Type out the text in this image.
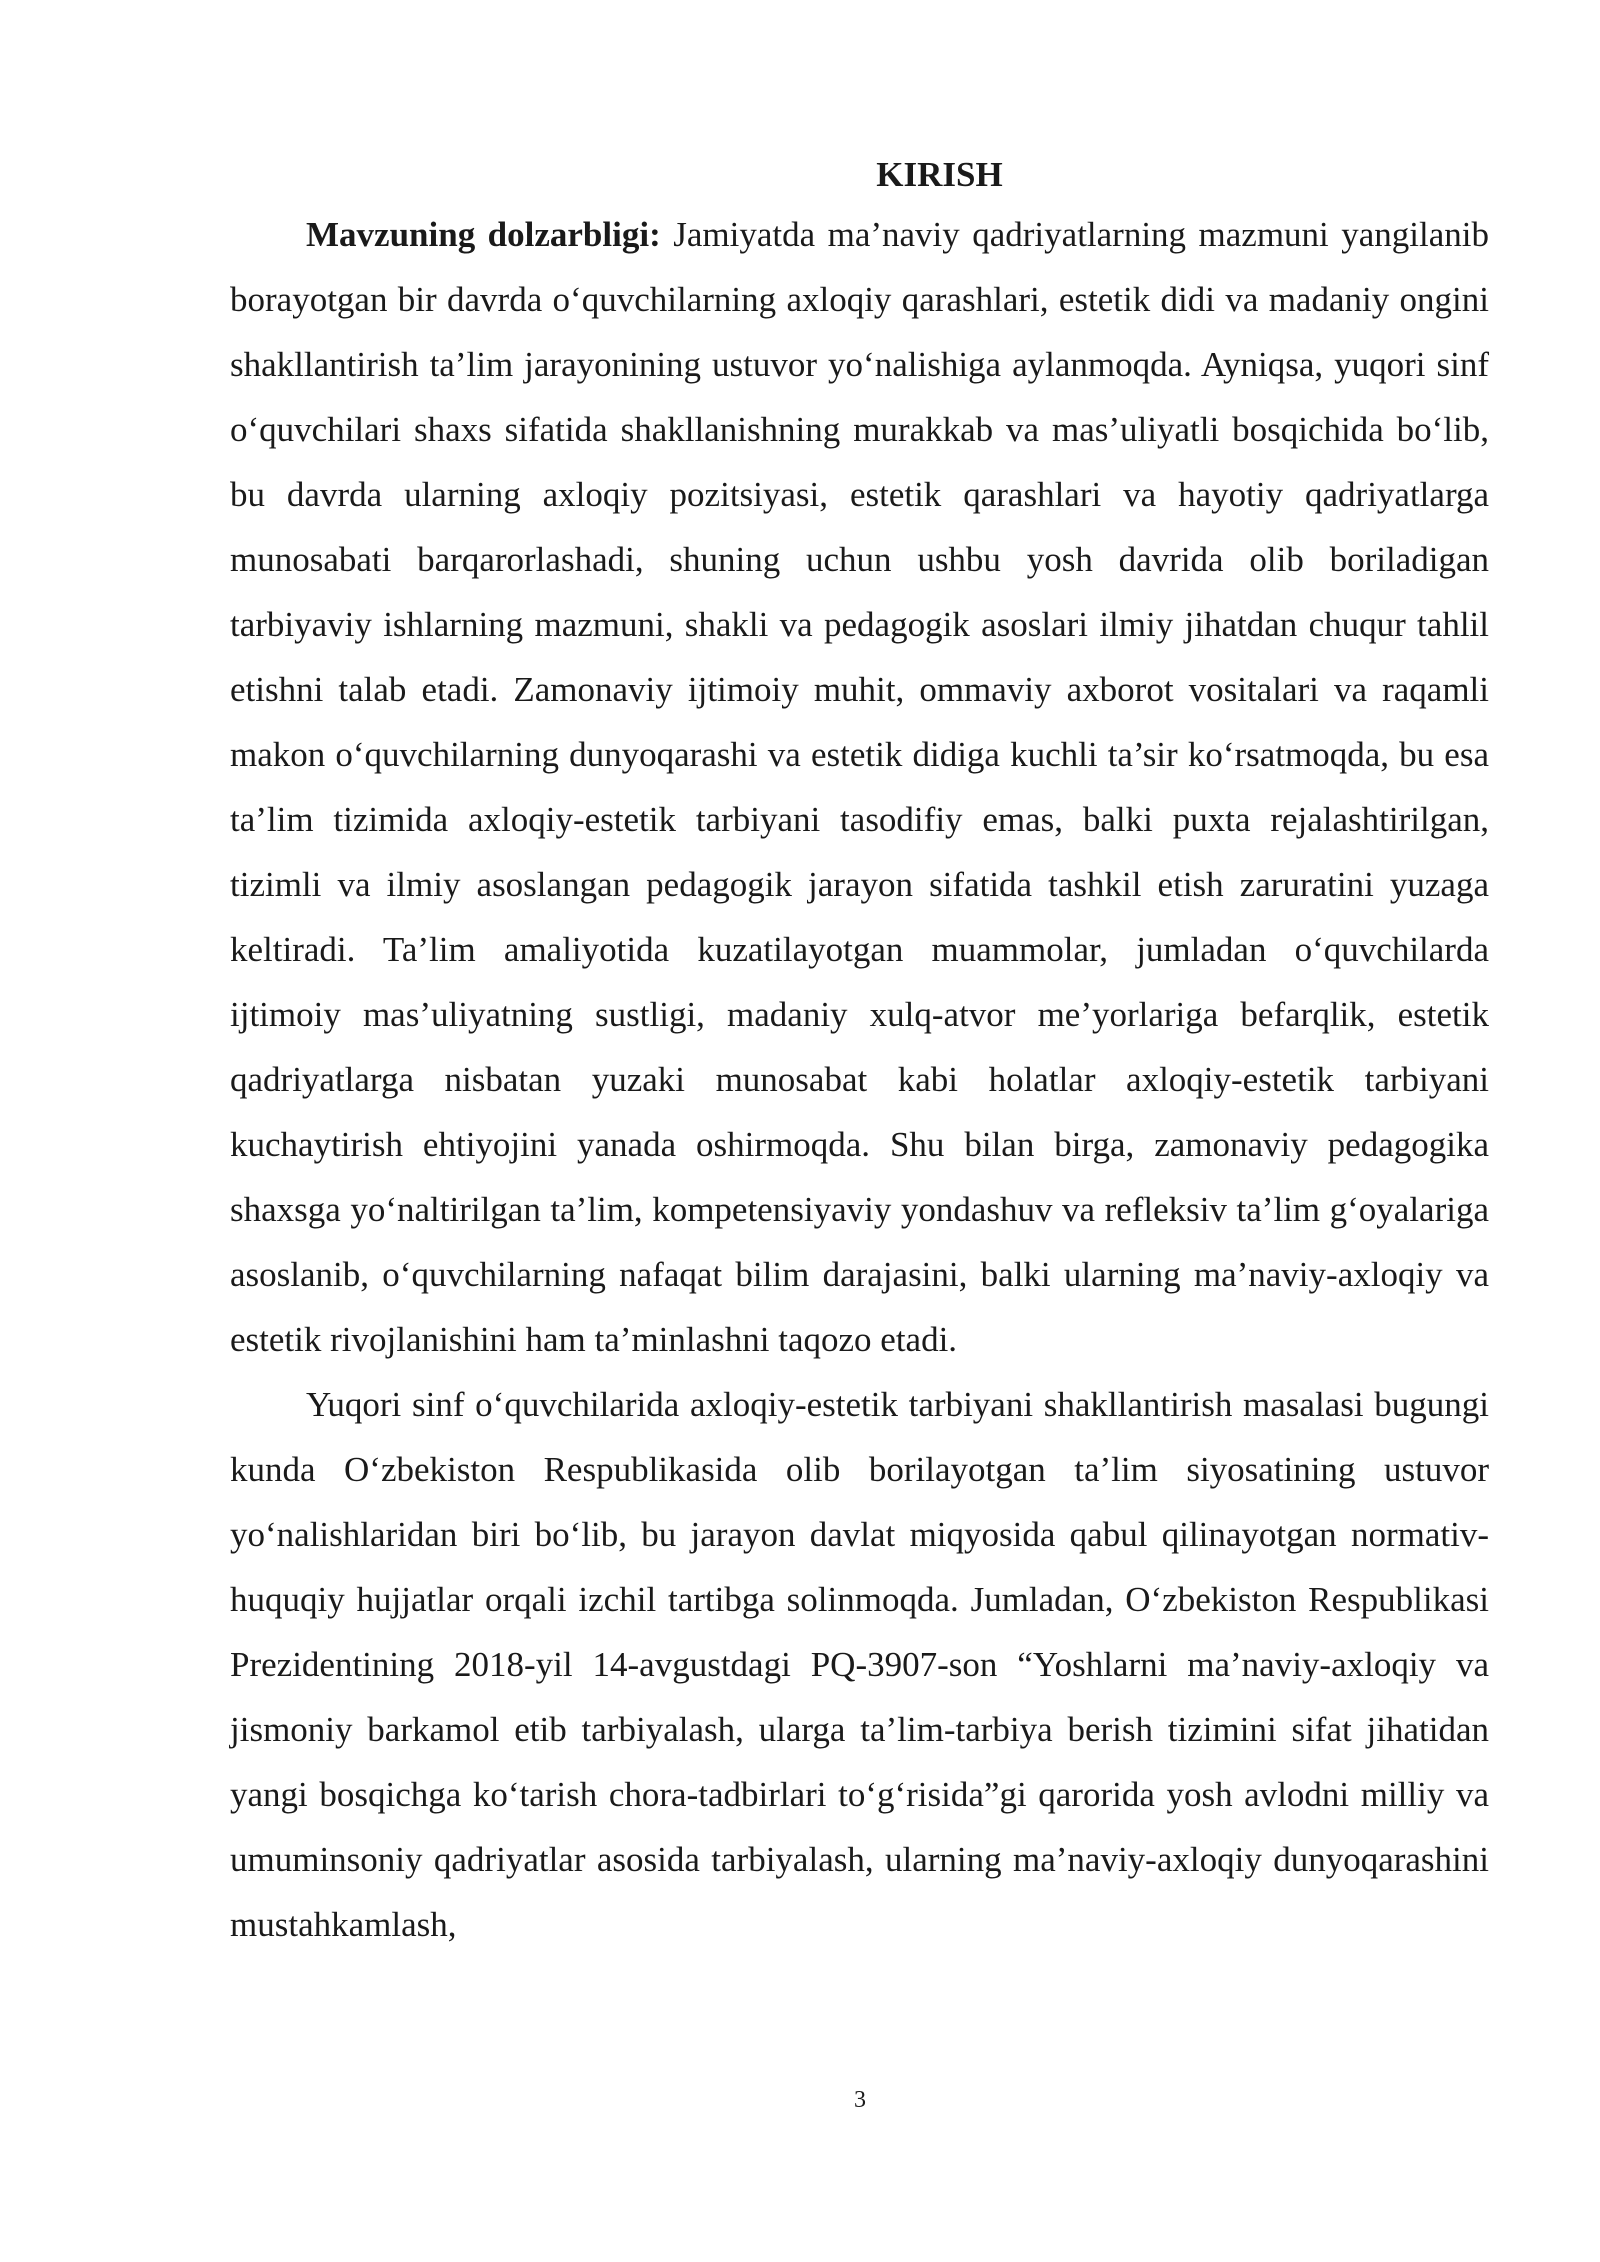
KIRISH

Mavzuning dolzarbligi: Jamiyatda ma’naviy qadriyatlarning mazmuni yangilanib borayotgan bir davrda o‘quvchilarning axloqiy qarashlari, estetik didi va madaniy ongini shakllantirish ta’lim jarayonining ustuvor yo‘nalishiga aylanmoqda. Ayniqsa, yuqori sinf o‘quvchilari shaxs sifatida shakllanishning murakkab va mas’uliyatli bosqichida bo‘lib, bu davrda ularning axloqiy pozitsiyasi, estetik qarashlari va hayotiy qadriyatlarga munosabati barqarorlashadi, shuning uchun ushbu yosh davrida olib boriladigan tarbiyaviy ishlarning mazmuni, shakli va pedagogik asoslari ilmiy jihatdan chuqur tahlil etishni talab etadi. Zamonaviy ijtimoiy muhit, ommaviy axborot vositalari va raqamli makon o‘quvchilarning dunyoqarashi va estetik didiga kuchli ta’sir ko‘rsatmoqda, bu esa ta’lim tizimida axloqiy-estetik tarbiyani tasodifiy emas, balki puxta rejalashtirilgan, tizimli va ilmiy asoslangan pedagogik jarayon sifatida tashkil etish zaruratini yuzaga keltiradi. Ta’lim amaliyotida kuzatilayotgan muammolar, jumladan o‘quvchilarda ijtimoiy mas’uliyatning sustligi, madaniy xulq-atvor me’yorlariga befarqlik, estetik qadriyatlarga nisbatan yuzaki munosabat kabi holatlar axloqiy-estetik tarbiyani kuchaytirish ehtiyojini yanada oshirmoqda. Shu bilan birga, zamonaviy pedagogika shaxsga yo‘naltirilgan ta’lim, kompetensiyaviy yondashuv va refleksiv ta’lim g‘oyalariga asoslanib, o‘quvchilarning nafaqat bilim darajasini, balki ularning ma’naviy-axloqiy va estetik rivojlanishini ham ta’minlashni taqozo etadi.

Yuqori sinf o‘quvchilarida axloqiy-estetik tarbiyani shakllantirish masalasi bugungi kunda O‘zbekiston Respublikasida olib borilayotgan ta’lim siyosatining ustuvor yo‘nalishlaridan biri bo‘lib, bu jarayon davlat miqyosida qabul qilinayotgan normativ-huquqiy hujjatlar orqali izchil tartibga solinmoqda. Jumladan, O‘zbekiston Respublikasi Prezidentining 2018-yil 14-avgustdagi PQ-3907-son “Yoshlarni ma’naviy-axloqiy va jismoniy barkamol etib tarbiyalash, ularga ta’lim-tarbiya berish tizimini sifat jihatidan yangi bosqichga ko‘tarish chora-tadbirlari to‘g‘risida”gi qarorida yosh avlodni milliy va umuminsoniy qadriyatlar asosida tarbiyalash, ularning ma’naviy-axloqiy dunyoqarashini mustahkamlash,

3
